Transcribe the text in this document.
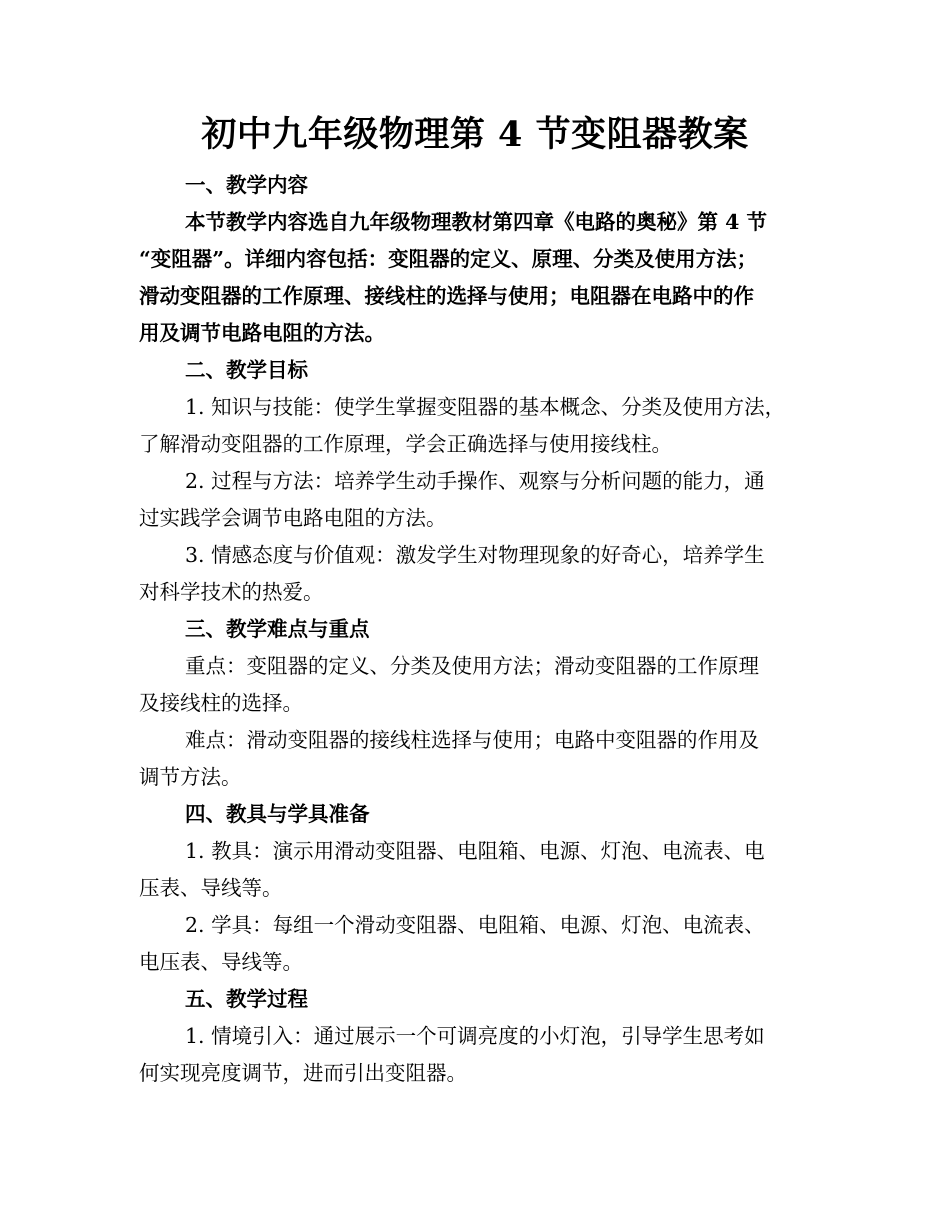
初中九年级物理第 4 节变阻器教案
一、教学内容
本节教学内容选自九年级物理教材第四章《电路的奥秘》第 4 节
“变阻器”。详细内容包括：变阻器的定义、原理、分类及使用方法；
滑动变阻器的工作原理、接线柱的选择与使用；电阻器在电路中的作
用及调节电路电阻的方法。
二、教学目标
1. 知识与技能：使学生掌握变阻器的基本概念、分类及使用方法，
了解滑动变阻器的工作原理，学会正确选择与使用接线柱。
2. 过程与方法：培养学生动手操作、观察与分析问题的能力，通
过实践学会调节电路电阻的方法。
3. 情感态度与价值观：激发学生对物理现象的好奇心，培养学生
对科学技术的热爱。
三、教学难点与重点
重点：变阻器的定义、分类及使用方法；滑动变阻器的工作原理
及接线柱的选择。
难点：滑动变阻器的接线柱选择与使用；电路中变阻器的作用及
调节方法。
四、教具与学具准备
1. 教具：演示用滑动变阻器、电阻箱、电源、灯泡、电流表、电
压表、导线等。
2. 学具：每组一个滑动变阻器、电阻箱、电源、灯泡、电流表、
电压表、导线等。
五、教学过程
1. 情境引入：通过展示一个可调亮度的小灯泡，引导学生思考如
何实现亮度调节，进而引出变阻器。
